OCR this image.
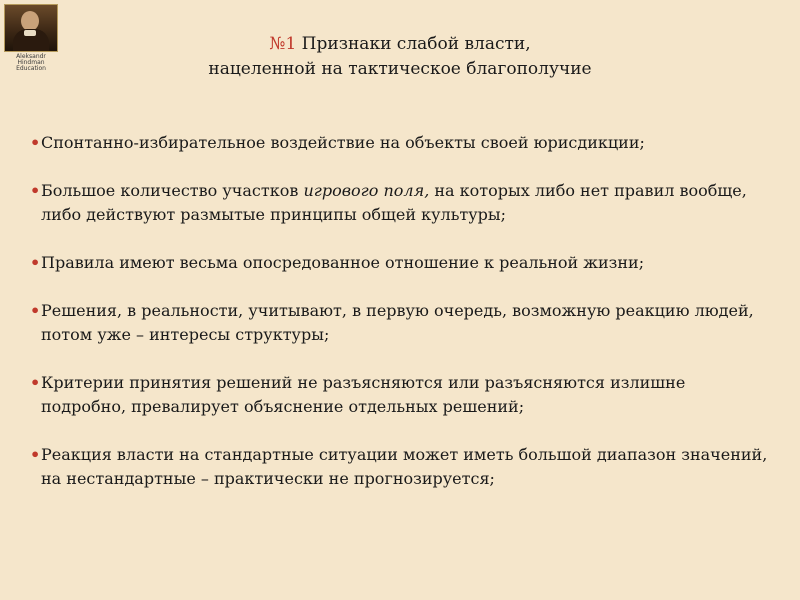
Aleksandr Hindman Education
№1 Признаки слабой власти,
нацеленной на тактическое благополучие
• Спонтанно-избирательное воздействие на объекты своей юрисдикции;
• Большое количество участков игрового поля, на которых либо нет правил вообще, либо действуют размытые принципы общей культуры;
• Правила имеют весьма опосредованное отношение к реальной жизни;
• Решения, в реальности, учитывают, в первую очередь, возможную реакцию людей, потом уже – интересы структуры;
• Критерии принятия решений не разъясняются или разъясняются излишне подробно, превалирует объяснение отдельных решений;
• Реакция власти на стандартные ситуации может иметь большой диапазон значений, на нестандартные – практически не прогнозируется;
